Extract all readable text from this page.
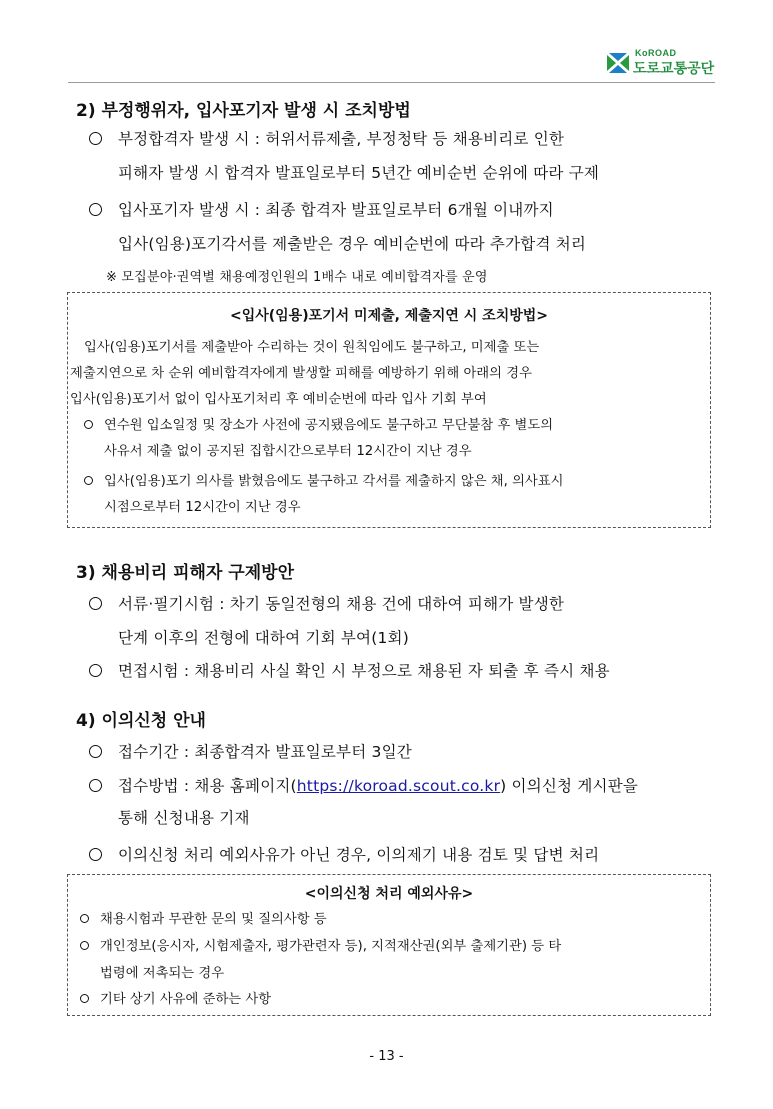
KoROAD
도로교통공단
2) 부정행위자, 입사포기자 발생 시 조치방법
부정합격자 발생 시 : 허위서류제출, 부정청탁 등 채용비리로 인한
피해자 발생 시 합격자 발표일로부터 5년간 예비순번 순위에 따라 구제
입사포기자 발생 시 : 최종 합격자 발표일로부터 6개월 이내까지
입사(임용)포기각서를 제출받은 경우 예비순번에 따라 추가합격 처리
※ 모집분야·권역별 채용예정인원의 1배수 내로 예비합격자를 운영
<입사(임용)포기서 미제출, 제출지연 시 조치방법>
입사(임용)포기서를 제출받아 수리하는 것이 원칙임에도 불구하고, 미제출 또는
제출지연으로 차 순위 예비합격자에게 발생할 피해를 예방하기 위해 아래의 경우
입사(임용)포기서 없이 입사포기처리 후 예비순번에 따라 입사 기회 부여
연수원 입소일정 및 장소가 사전에 공지됐음에도 불구하고 무단불참 후 별도의
사유서 제출 없이 공지된 집합시간으로부터 12시간이 지난 경우
입사(임용)포기 의사를 밝혔음에도 불구하고 각서를 제출하지 않은 채, 의사표시
시점으로부터 12시간이 지난 경우
3) 채용비리 피해자 구제방안
서류·필기시험 : 차기 동일전형의 채용 건에 대하여 피해가 발생한
단계 이후의 전형에 대하여 기회 부여(1회)
면접시험 : 채용비리 사실 확인 시 부정으로 채용된 자 퇴출 후 즉시 채용
4) 이의신청 안내
접수기간 : 최종합격자 발표일로부터 3일간
접수방법 : 채용 홈페이지(https://koroad.scout.co.kr) 이의신청 게시판을
통해 신청내용 기재
이의신청 처리 예외사유가 아닌 경우, 이의제기 내용 검토 및 답변 처리
<이의신청 처리 예외사유>
채용시험과 무관한 문의 및 질의사항 등
개인정보(응시자, 시험제출자, 평가관련자 등), 지적재산권(외부 출제기관) 등 타
법령에 저촉되는 경우
기타 상기 사유에 준하는 사항
- 13 -
